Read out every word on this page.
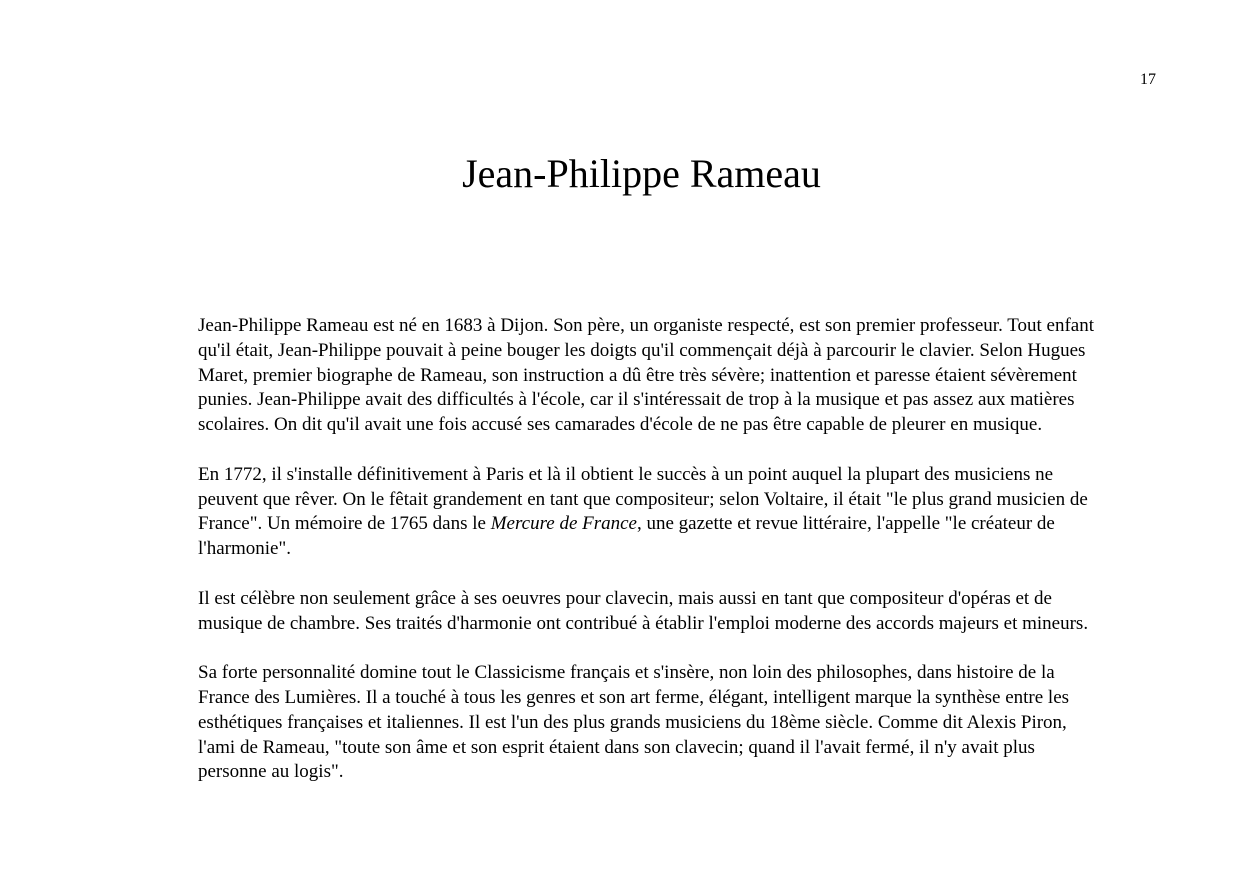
17
Jean-Philippe Rameau

Jean-Philippe Rameau est né en 1683 à Dijon. Son père, un organiste respecté, est son premier professeur. Tout enfant qu'il était, Jean-Philippe pouvait à peine bouger les doigts qu'il commençait déjà à parcourir le clavier. Selon Hugues Maret, premier biographe de Rameau, son instruction a dû être très sévère; inattention et paresse étaient sévèrement punies. Jean-Philippe avait des difficultés à l'école, car il s'intéressait de trop à la musique et pas assez aux matières scolaires. On dit qu'il avait une fois accusé ses camarades d'école de ne pas être capable de pleurer en musique.

En 1772, il s'installe définitivement à Paris et là il obtient le succès à un point auquel la plupart des musiciens ne peuvent que rêver. On le fêtait grandement en tant que compositeur; selon Voltaire, il était "le plus grand musicien de France". Un mémoire de 1765 dans le Mercure de France, une gazette et revue littéraire, l'appelle "le créateur de l'harmonie".

Il est célèbre non seulement grâce à ses oeuvres pour clavecin, mais aussi en tant que compositeur d'opéras et de musique de chambre. Ses traités d'harmonie ont contribué à établir l'emploi moderne des accords majeurs et mineurs.

Sa forte personnalité domine tout le Classicisme français et s'insère, non loin des philosophes, dans histoire de la France des Lumières. Il a touché à tous les genres et son art ferme, élégant, intelligent marque la synthèse entre les esthétiques françaises et italiennes. Il est l'un des plus grands musiciens du 18ème siècle. Comme dit Alexis Piron, l'ami de Rameau, "toute son âme et son esprit étaient dans son clavecin; quand il l'avait fermé, il n'y avait plus personne au logis".
